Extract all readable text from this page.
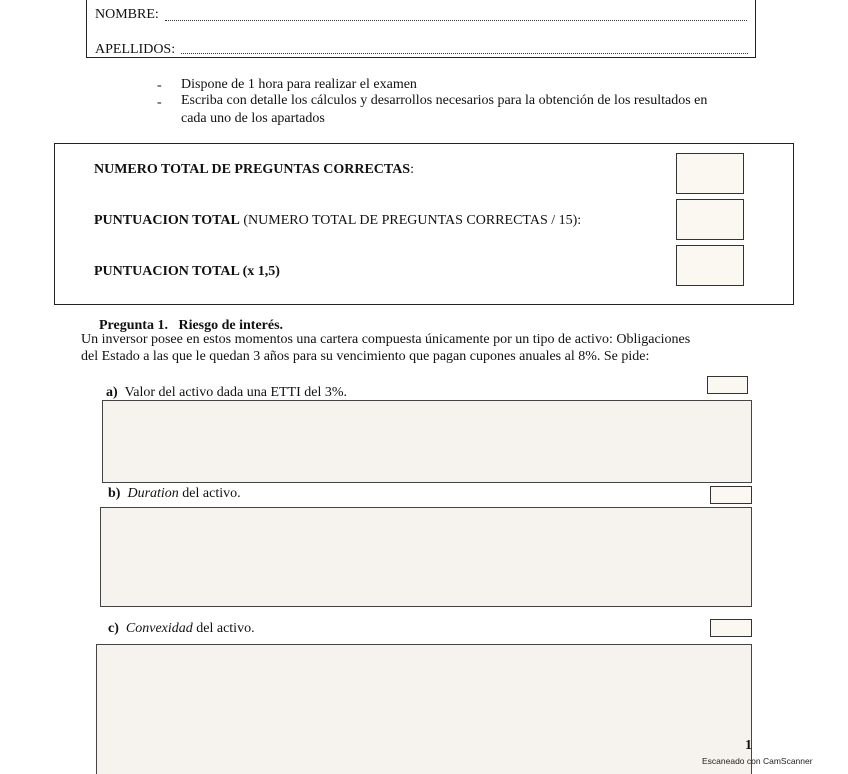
NOMBRE:
APELLIDOS:
- Dispone de 1 hora para realizar el examen
- Escriba con detalle los cálculos y desarrollos necesarios para la obtención de los resultados en
cada uno de los apartados
NUMERO TOTAL DE PREGUNTAS CORRECTAS:
PUNTUACION TOTAL (NUMERO TOTAL DE PREGUNTAS CORRECTAS / 15):
PUNTUACION TOTAL (x 1,5)
Pregunta 1. Riesgo de interés.
Un inversor posee en estos momentos una cartera compuesta únicamente por un tipo de activo: Obligaciones
del Estado a las que le quedan 3 años para su vencimiento que pagan cupones anuales al 8%. Se pide:
a) Valor del activo dada una ETTI del 3%.
b) Duration del activo.
c) Convexidad del activo.
1
Escaneado con CamScanner
